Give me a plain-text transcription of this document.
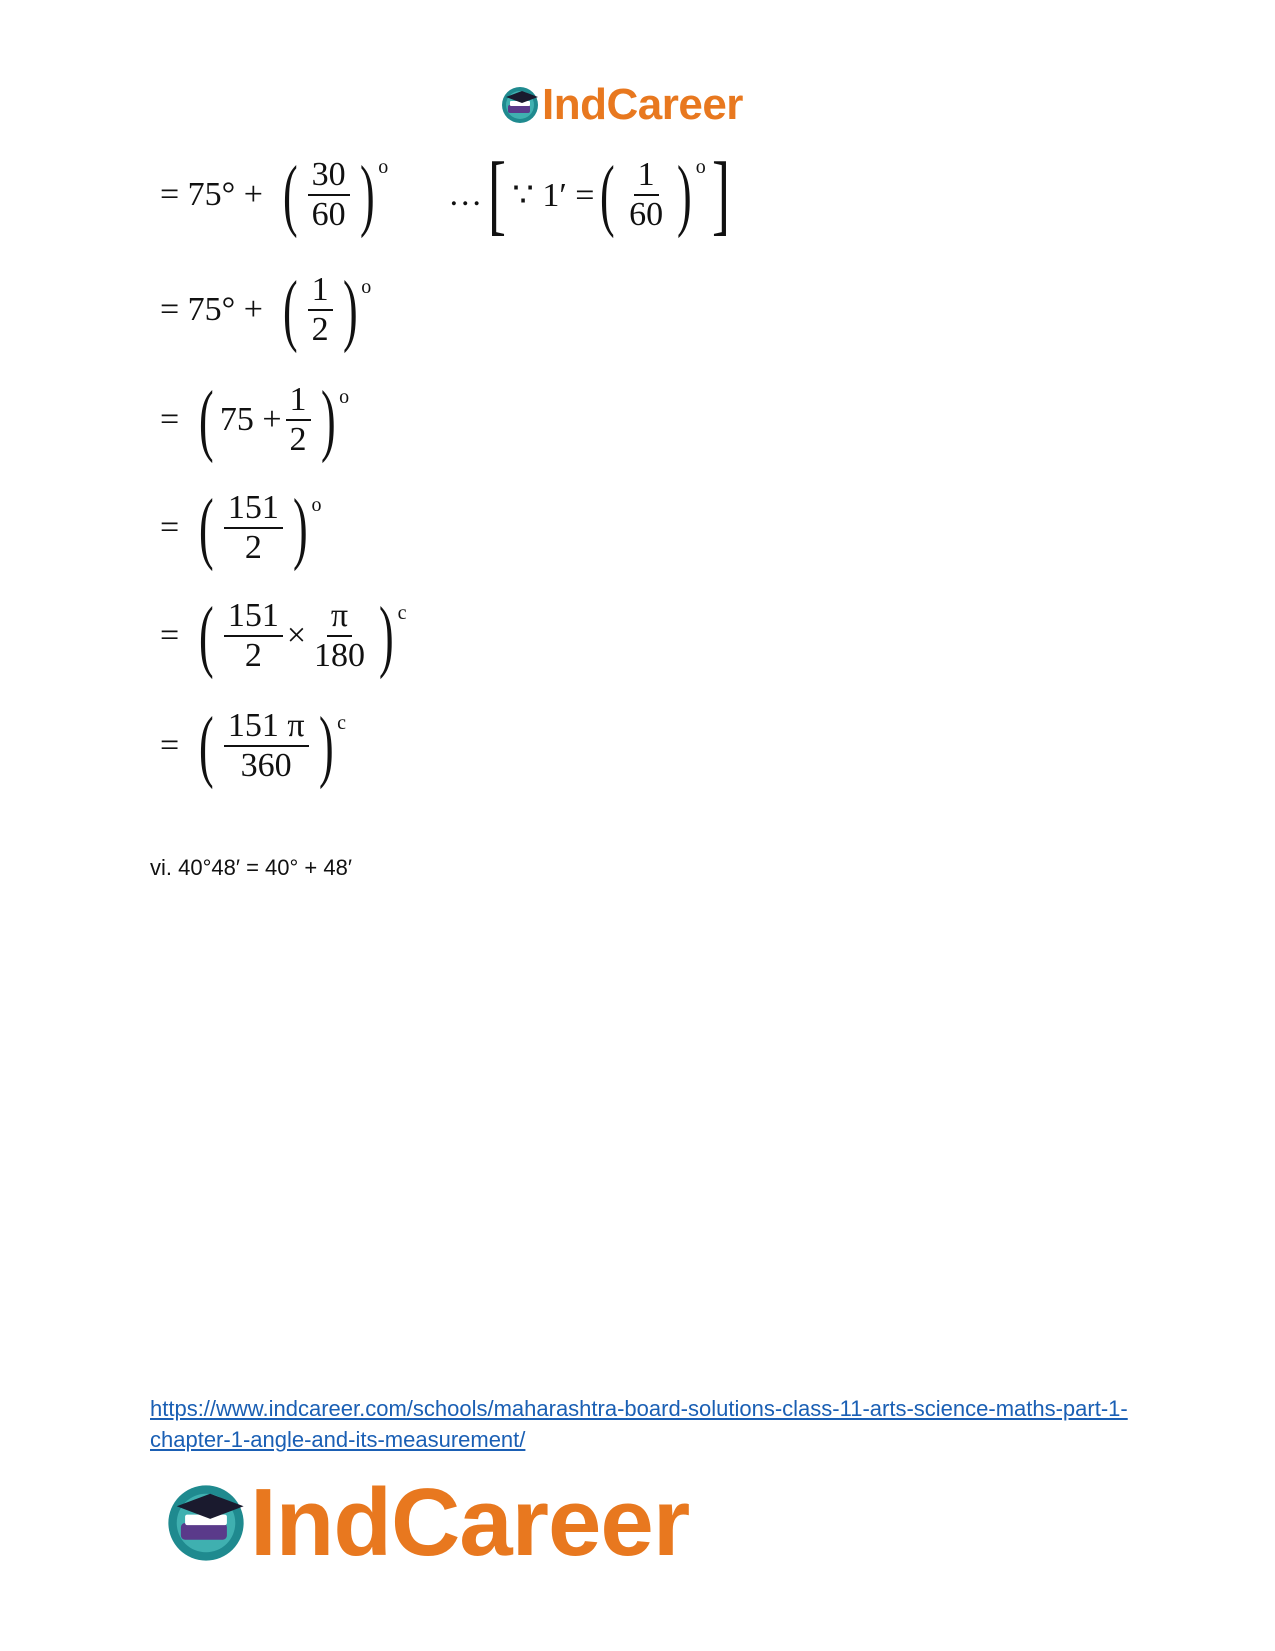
IndCareer
= 75° + ( $\frac{30}{60}$ ) o
… [ ∵ 1′ = ( $\frac{1}{60}$ ) o ]
= 75° + ( $\frac{1}{2}$ ) o
= ( $75 + \frac{1}{2}$ ) o
= ( $\frac{151}{2}$ ) o
= ( $\frac{151}{2} \times \frac{\pi}{180}$ ) c
= ( $\frac{151 \pi}{360}$ ) c
vi. 40°48′ = 40° + 48′
https://www.indcareer.com/schools/maharashtra-board-solutions-class-11-arts-science-maths-part-1-chapter-1-angle-and-its-measurement/
IndCareer
